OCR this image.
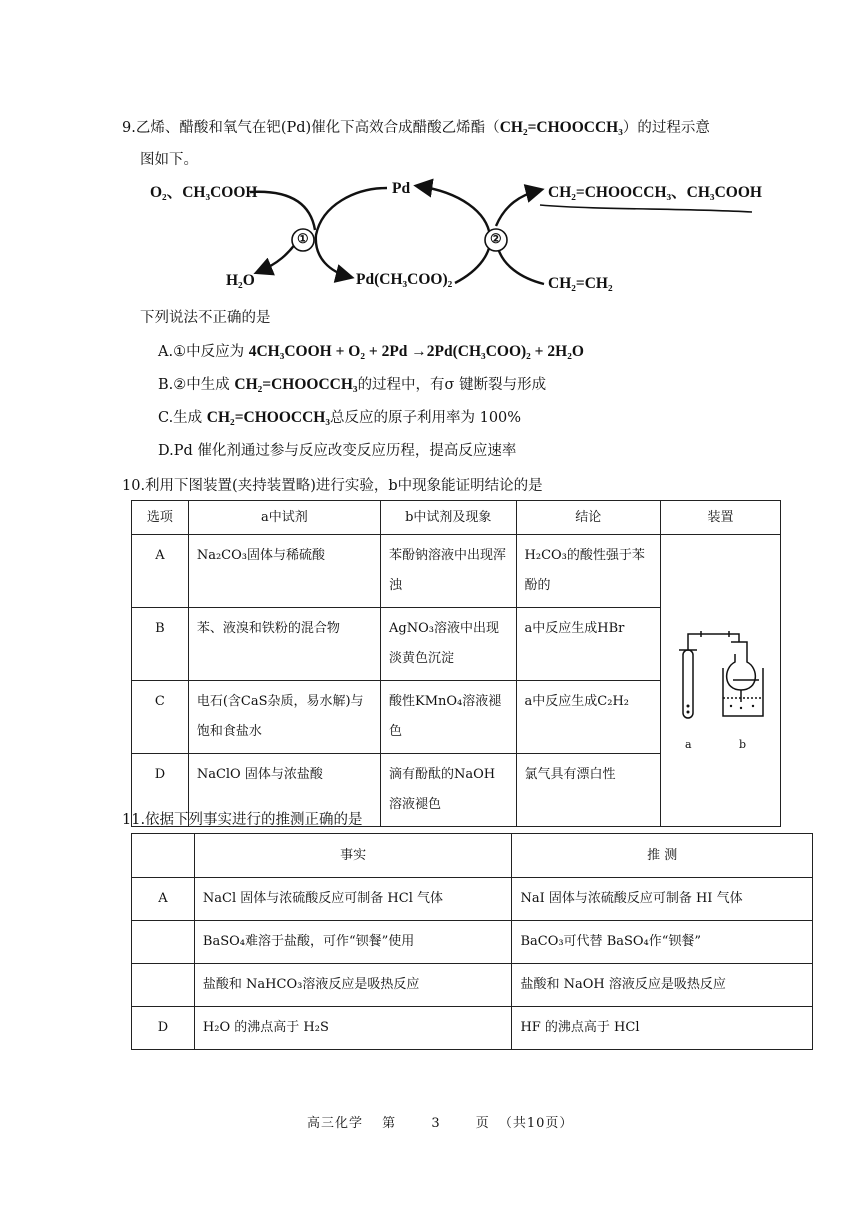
9.乙烯、醋酸和氧气在钯(Pd)催化下高效合成醋酸乙烯酯（CH₂=CHOOCCH₃）的过程示意
图如下。
①	②
O₂、CH₃COOH
H₂O
Pd
Pd(CH₃COO)₂
CH₂=CHOOCCH₃、CH₃COOH
CH₂=CH₂
下列说法不正确的是
A.①中反应为 4CH₃COOH + O₂ + 2Pd →2Pd(CH₃COO)₂ + 2H₂O
B.②中生成 CH₂=CHOOCCH₃的过程中，有σ 键断裂与形成
C.生成 CH₂=CHOOCCH₃总反应的原子利用率为 100%
D.Pd 催化剂通过参与反应改变反应历程，提高反应速率
10.利用下图装置(夹持装置略)进行实验，b中现象能证明结论的是
选项	a中试剂	b中试剂及现象	结论	装置
A	Na₂CO₃固体与稀硫酸	苯酚钠溶液中出现浑浊	H₂CO₃的酸性强于苯酚的	a b

B	苯、液溴和铁粉的混合物	AgNO₃溶液中出现淡黄色沉淀	a中反应生成HBr	
C	电石(含CaS杂质，易水解)与饱和食盐水	酸性KMnO₄溶液褪色	a中反应生成C₂H₂	
D	NaClO 固体与浓盐酸	滴有酚酞的NaOH 溶液褪色	氯气具有漂白性	
11.依据下列事实进行的推测正确的是
	事实	推 测
A	NaCl 固体与浓硫酸反应可制备 HCl 气体	NaI 固体与浓硫酸反应可制备 HI 气体
	BaSO₄难溶于盐酸，可作“钡餐”使用	BaCO₃可代替 BaSO₄作“钡餐”
	盐酸和 NaHCO₃溶液反应是吸热反应	盐酸和 NaOH 溶液反应是吸热反应
D	H₂O 的沸点高于 H₂S	HF 的沸点高于 HCl
高三化学 第	3	页 （共10页）
